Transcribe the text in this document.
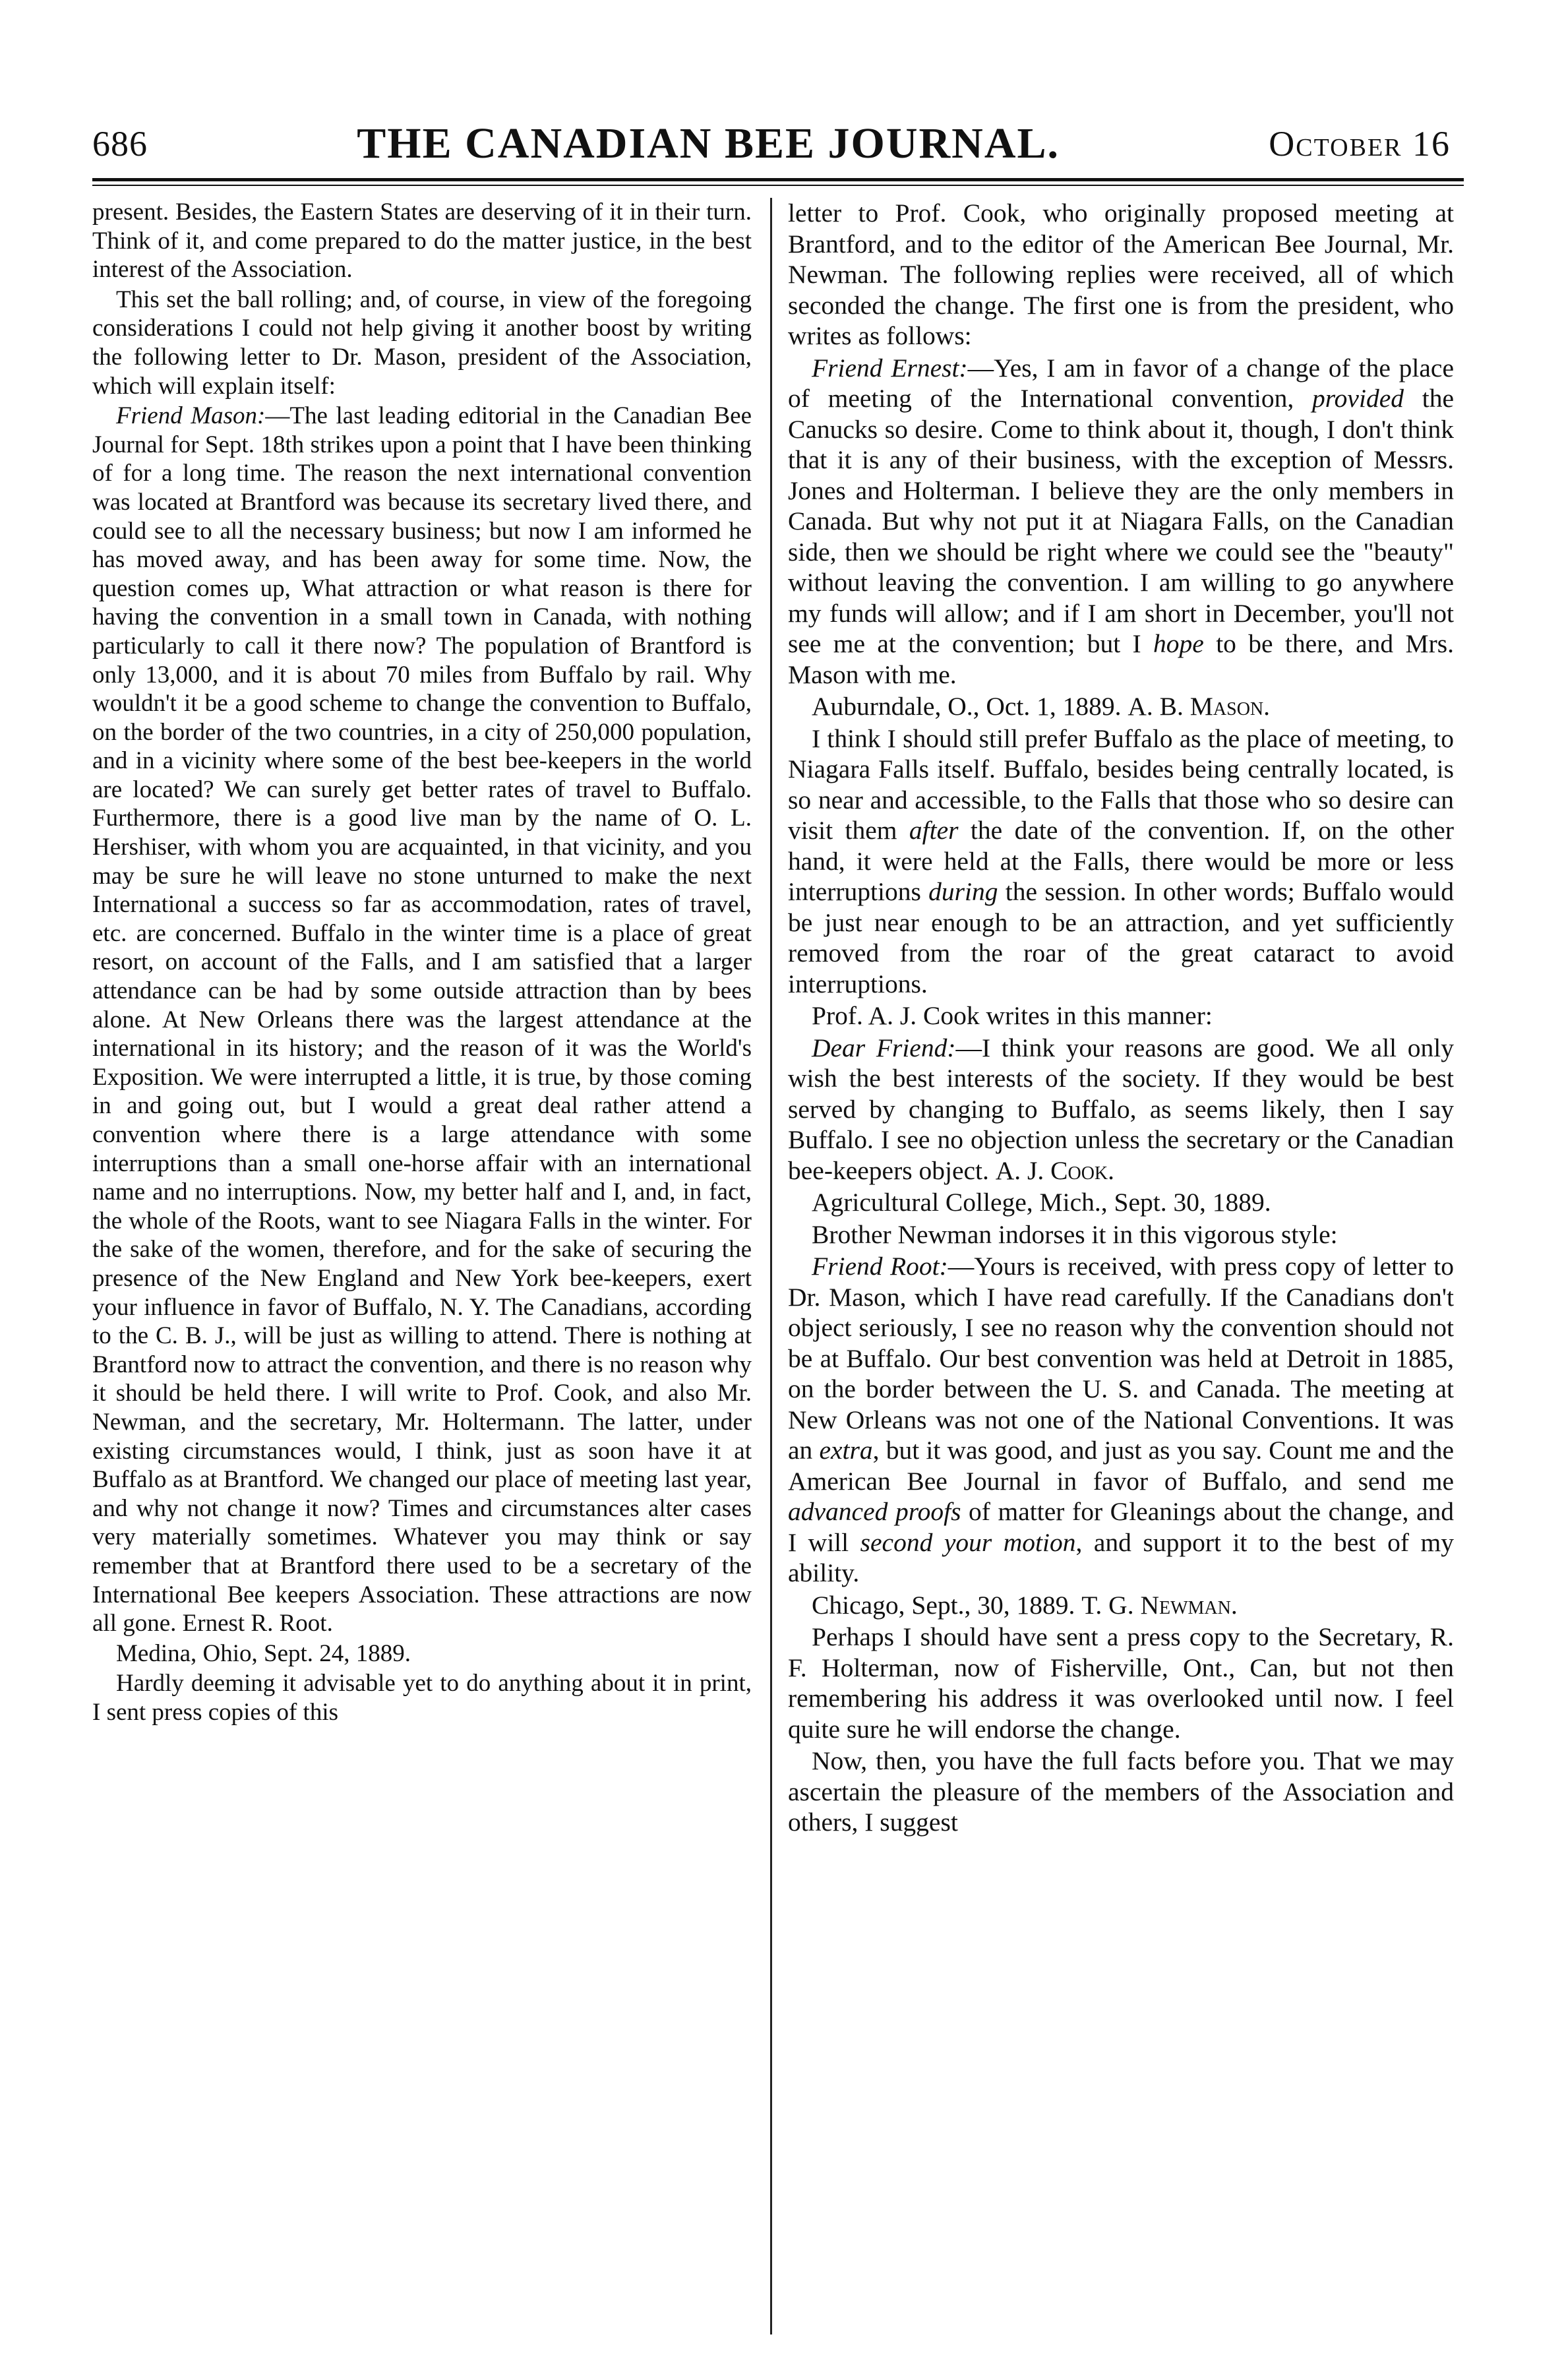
686	THE CANADIAN BEE JOURNAL.	October 16

present. Besides, the Eastern States are deserving of it in their turn. Think of it, and come prepared to do the matter justice, in the best interest of the Association.

This set the ball rolling; and, of course, in view of the foregoing considerations I could not help giving it another boost by writing the following letter to Dr. Mason, president of the Association, which will explain itself:

Friend Mason:—The last leading editorial in the Canadian Bee Journal for Sept. 18th strikes upon a point that I have been thinking of for a long time. The reason the next international convention was located at Brantford was because its secretary lived there, and could see to all the necessary business; but now I am informed he has moved away, and has been away for some time. Now, the question comes up, What attraction or what reason is there for having the convention in a small town in Canada, with nothing particularly to call it there now? The population of Brantford is only 13,000, and it is about 70 miles from Buffalo by rail. Why wouldn't it be a good scheme to change the convention to Buffalo, on the border of the two countries, in a city of 250,000 population, and in a vicinity where some of the best bee-keepers in the world are located? We can surely get better rates of travel to Buffalo. Furthermore, there is a good live man by the name of O. L. Hershiser, with whom you are acquainted, in that vicinity, and you may be sure he will leave no stone unturned to make the next International a success so far as accommodation, rates of travel, etc. are concerned. Buffalo in the winter time is a place of great resort, on account of the Falls, and I am satisfied that a larger attendance can be had by some outside attraction than by bees alone. At New Orleans there was the largest attendance at the international in its history; and the reason of it was the World's Exposition. We were interrupted a little, it is true, by those coming in and going out, but I would a great deal rather attend a convention where there is a large attendance with some interruptions than a small one-horse affair with an international name and no interruptions. Now, my better half and I, and, in fact, the whole of the Roots, want to see Niagara Falls in the winter. For the sake of the women, therefore, and for the sake of securing the presence of the New England and New York bee-keepers, exert your influence in favor of Buffalo, N. Y. The Canadians, according to the C. B. J., will be just as willing to attend. There is nothing at Brantford now to attract the convention, and there is no reason why it should be held there. I will write to Prof. Cook, and also Mr. Newman, and the secretary, Mr. Holtermann. The latter, under existing circumstances would, I think, just as soon have it at Buffalo as at Brantford. We changed our place of meeting last year, and why not change it now? Times and circumstances alter cases very materially sometimes. Whatever you may think or say remember that at Brantford there used to be a secretary of the International Bee keepers Association. These attractions are now all gone. Ernest R. Root.

Medina, Ohio, Sept. 24, 1889.

Hardly deeming it advisable yet to do anything about it in print, I sent press copies of this

letter to Prof. Cook, who originally proposed meeting at Brantford, and to the editor of the American Bee Journal, Mr. Newman. The following replies were received, all of which seconded the change. The first one is from the president, who writes as follows:

Friend Ernest:—Yes, I am in favor of a change of the place of meeting of the International convention, provided the Canucks so desire. Come to think about it, though, I don't think that it is any of their business, with the exception of Messrs. Jones and Holterman. I believe they are the only members in Canada. But why not put it at Niagara Falls, on the Canadian side, then we should be right where we could see the "beauty" without leaving the convention. I am willing to go anywhere my funds will allow; and if I am short in December, you'll not see me at the convention; but I hope to be there, and Mrs. Mason with me.

Auburndale, O., Oct. 1, 1889. A. B. Mason.

I think I should still prefer Buffalo as the place of meeting, to Niagara Falls itself. Buffalo, besides being centrally located, is so near and accessible, to the Falls that those who so desire can visit them after the date of the convention. If, on the other hand, it were held at the Falls, there would be more or less interruptions during the session. In other words; Buffalo would be just near enough to be an attraction, and yet sufficiently removed from the roar of the great cataract to avoid interruptions.

Prof. A. J. Cook writes in this manner:

Dear Friend:—I think your reasons are good. We all only wish the best interests of the society. If they would be best served by changing to Buffalo, as seems likely, then I say Buffalo. I see no objection unless the secretary or the Canadian bee-keepers object. A. J. Cook.

Agricultural College, Mich., Sept. 30, 1889.

Brother Newman indorses it in this vigorous style:

Friend Root:—Yours is received, with press copy of letter to Dr. Mason, which I have read carefully. If the Canadians don't object seriously, I see no reason why the convention should not be at Buffalo. Our best convention was held at Detroit in 1885, on the border between the U. S. and Canada. The meeting at New Orleans was not one of the National Conventions. It was an extra, but it was good, and just as you say. Count me and the American Bee Journal in favor of Buffalo, and send me advanced proofs of matter for Gleanings about the change, and I will second your motion, and support it to the best of my ability.

Chicago, Sept., 30, 1889. T. G. Newman.

Perhaps I should have sent a press copy to the Secretary, R. F. Holterman, now of Fisherville, Ont., Can, but not then remembering his address it was overlooked until now. I feel quite sure he will endorse the change.

Now, then, you have the full facts before you. That we may ascertain the pleasure of the members of the Association and others, I suggest
